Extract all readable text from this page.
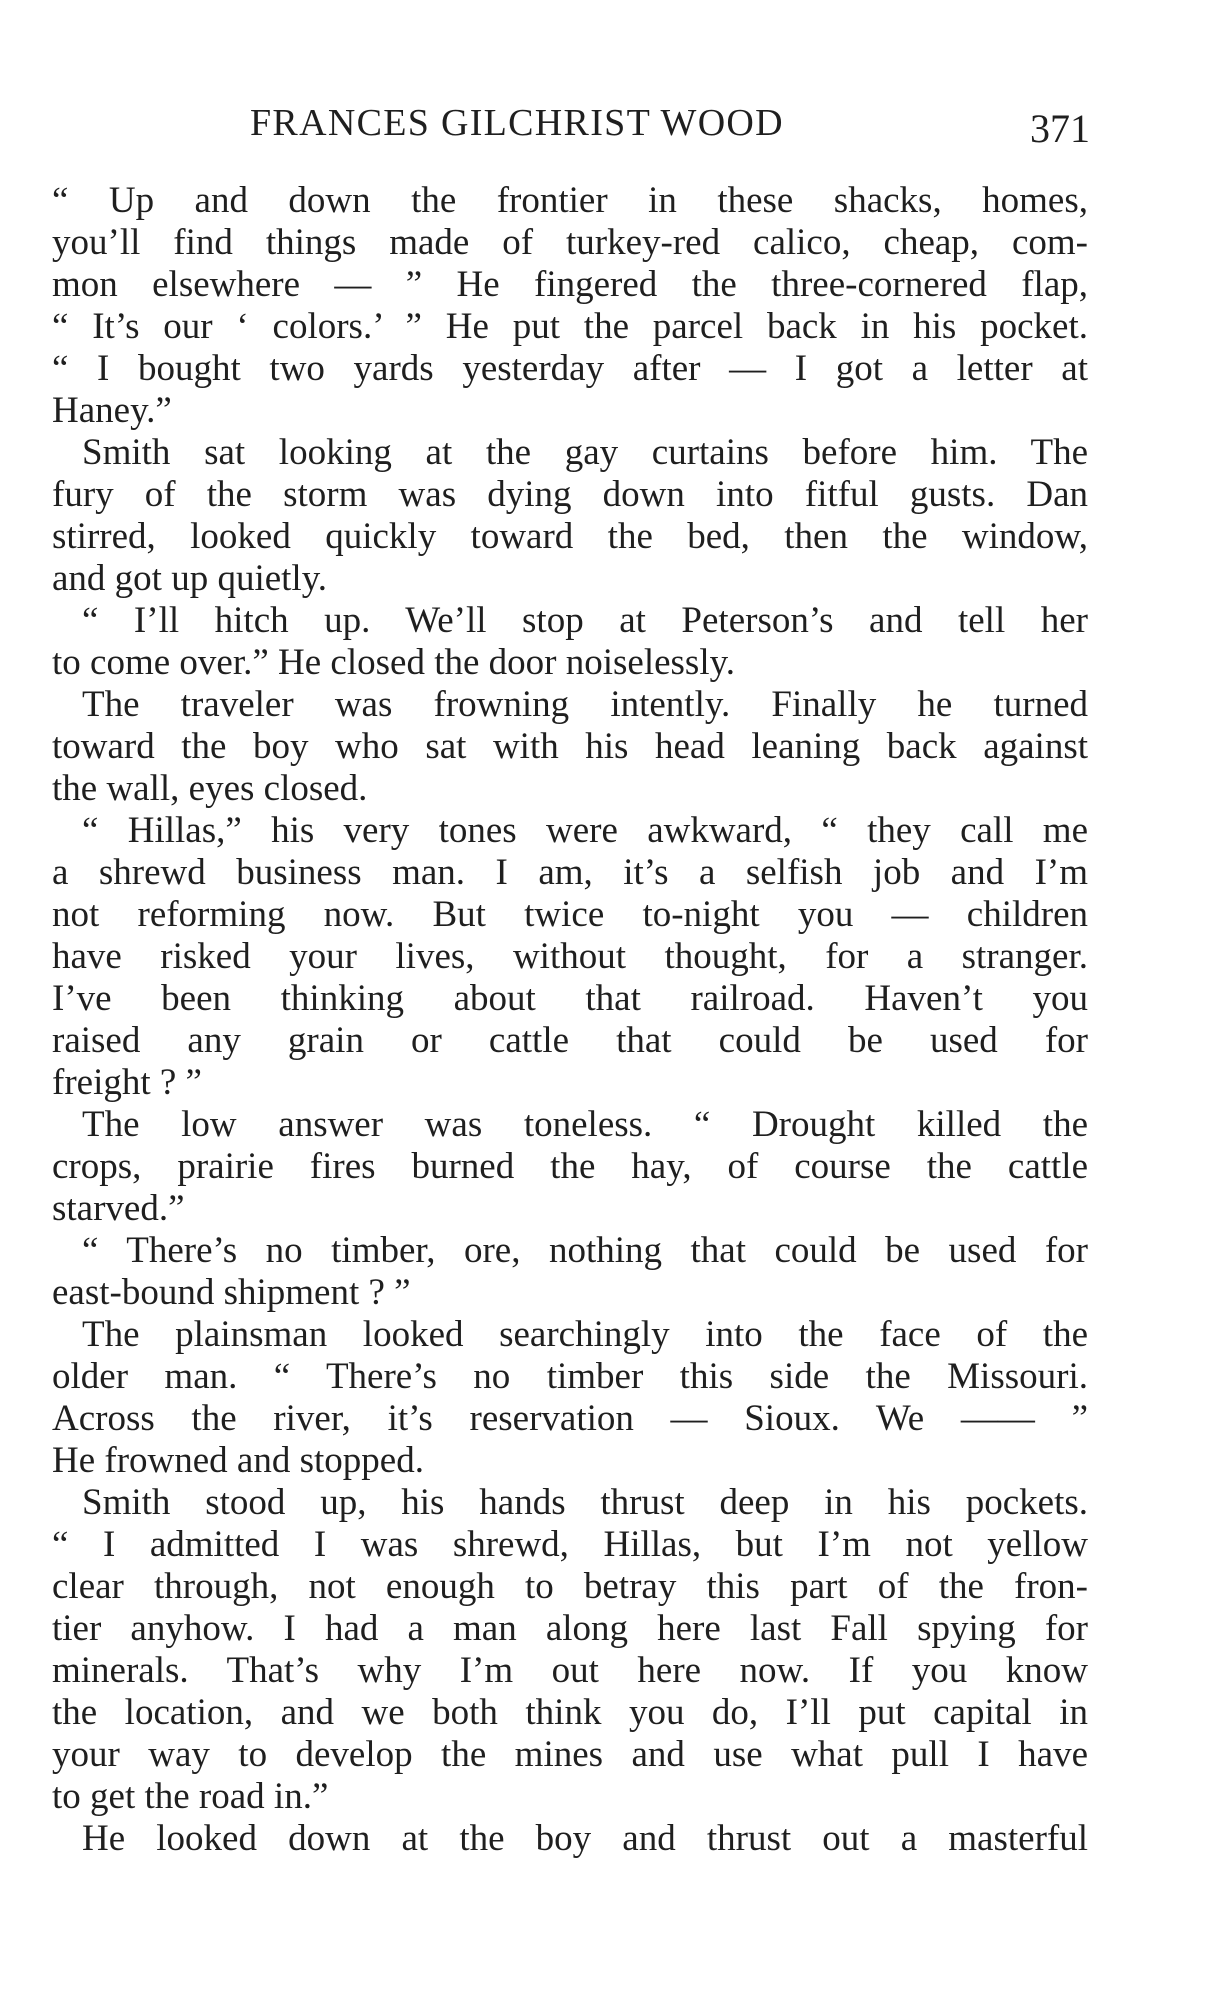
FRANCES GILCHRIST WOOD	371
“ Up and down the frontier in these shacks, homes,
you’ll find things made of turkey-red calico, cheap, com-
mon elsewhere — ” He fingered the three-cornered flap,
“ It’s our ‘ colors.’ ” He put the parcel back in his pocket.
“ I bought two yards yesterday after — I got a letter at
Haney.”
Smith sat looking at the gay curtains before him. The
fury of the storm was dying down into fitful gusts. Dan
stirred, looked quickly toward the bed, then the window,
and got up quietly.
“ I’ll hitch up. We’ll stop at Peterson’s and tell her
to come over.” He closed the door noiselessly.
The traveler was frowning intently. Finally he turned
toward the boy who sat with his head leaning back against
the wall, eyes closed.
“ Hillas,” his very tones were awkward, “ they call me
a shrewd business man. I am, it’s a selfish job and I’m
not reforming now. But twice to-night you — children
have risked your lives, without thought, for a stranger.
I’ve been thinking about that railroad. Haven’t you
raised any grain or cattle that could be used for
freight ? ”
The low answer was toneless. “ Drought killed the
crops, prairie fires burned the hay, of course the cattle
starved.”
“ There’s no timber, ore, nothing that could be used for
east-bound shipment ? ”
The plainsman looked searchingly into the face of the
older man. “ There’s no timber this side the Missouri.
Across the river, it’s reservation — Sioux. We —— ”
He frowned and stopped.
Smith stood up, his hands thrust deep in his pockets.
“ I admitted I was shrewd, Hillas, but I’m not yellow
clear through, not enough to betray this part of the fron-
tier anyhow. I had a man along here last Fall spying for
minerals. That’s why I’m out here now. If you know
the location, and we both think you do, I’ll put capital in
your way to develop the mines and use what pull I have
to get the road in.”
He looked down at the boy and thrust out a masterful
